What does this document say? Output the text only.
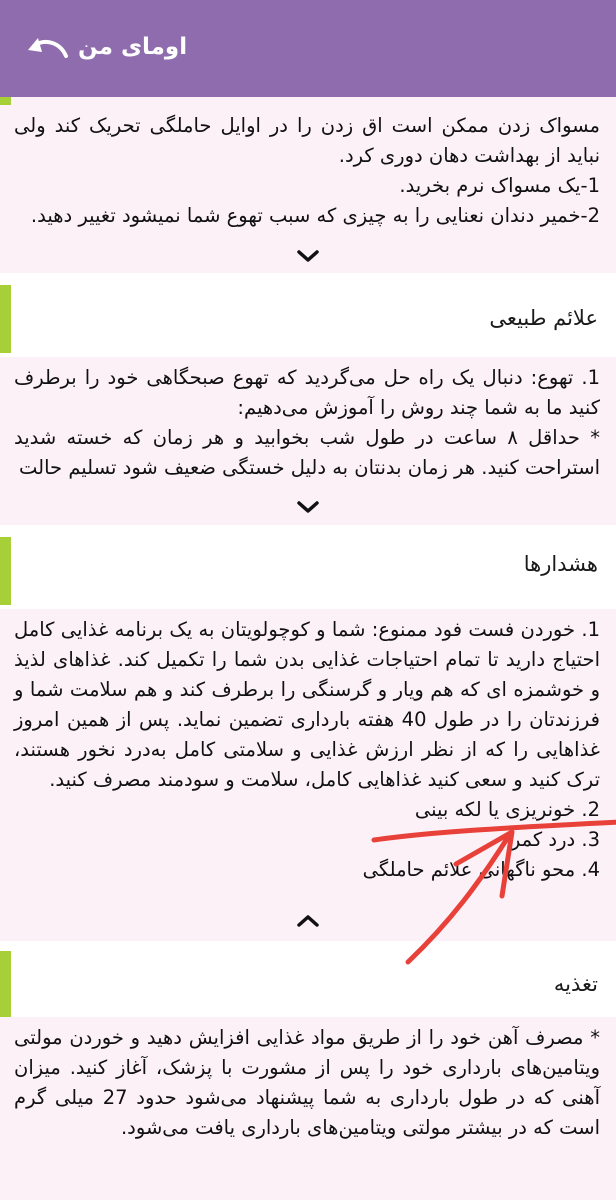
اومای من

مسواک زدن ممکن است اق زدن را در اوایل حاملگی تحریک کند ولی نباید از بهداشت دهان دوری کرد.

1-یک مسواک نرم بخرید.

2-خمیر دندان نعنایی را به چیزی که سبب تهوع شما نمیشود تغییر دهید.

علائم طبیعی

1. تهوع: دنبال یک راه حل می‌گردید که تهوع صبحگاهی خود را برطرف کنید ما به شما چند روش را آموزش می‌دهیم:

* حداقل ۸ ساعت در طول شب بخوابید و هر زمان که خسته شدید استراحت کنید. هر زمان بدنتان به دلیل خستگی ضعیف شود تسلیم حالت

هشدارها

1. خوردن فست فود ممنوع: شما و کوچولویتان به یک برنامه غذایی کامل احتیاج دارید تا تمام احتیاجات غذایی بدن شما را تکمیل کند. غذاهای لذیذ و خوشمزه ای که هم ویار و گرسنگی را برطرف کند و هم سلامت شما و فرزندتان را در طول 40 هفته بارداری تضمین نماید. پس از همین امروز غذاهایی را که از نظر ارزش غذایی و سلامتی کامل به‌درد نخور هستند، ترک کنید و سعی کنید غذاهایی کامل، سلامت و سودمند مصرف کنید.

2. خونریزی یا لکه بینی

3. درد کمر

4. محو ناگهانی علائم حاملگی

تغذیه

* مصرف آهن خود را از طریق مواد غذایی افزایش دهید و خوردن مولتی ویتامین‌های بارداری خود را پس از مشورت با پزشک، آغاز کنید. میزان آهنی که در طول بارداری به شما پیشنهاد می‌شود حدود 27 میلی گرم است که در بیشتر مولتی ویتامین‌های بارداری یافت می‌شود.
